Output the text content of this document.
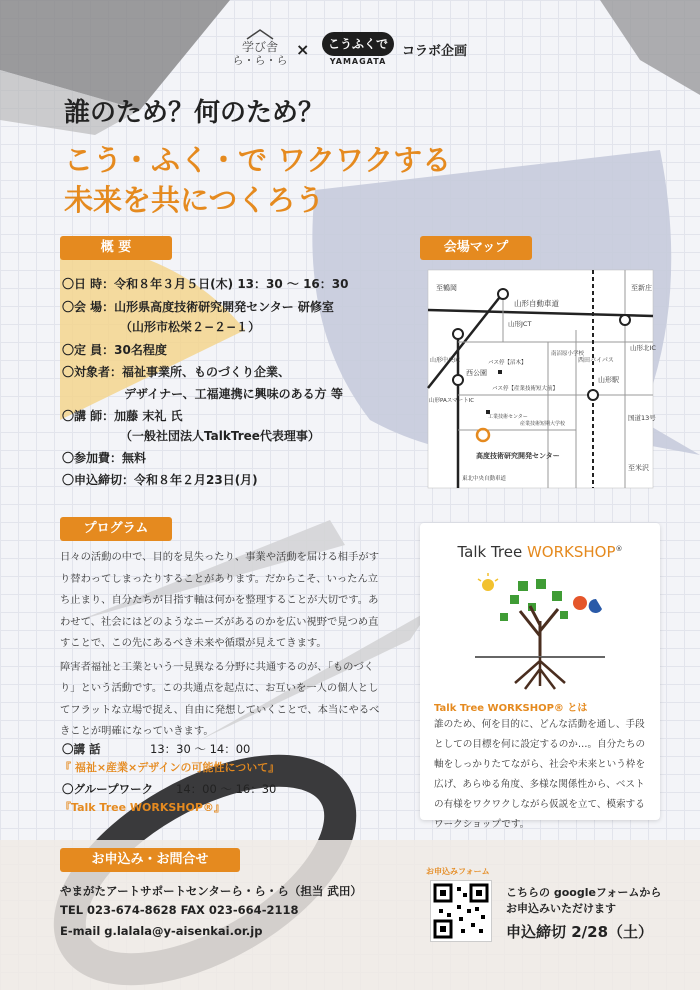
学び舎
ら・ら・ら
×	こうふくで
YAMAGATA
コラボ企画
誰のため？何のため？
こう・ふく・で ワクワクする
未来を共につくろう
概 要
〇日 時：令和８年３月５日(木) 13：30 〜 16：30
〇会 場：山形県高度技術研究開発センター 研修室
（山形市松栄２−２−１）
〇定 員：30名程度
〇対象者：福祉事業所、ものづくり企業、
デザイナー、工福連携に興味のある方 等
〇講 師：加藤 末礼 氏
（一般社団法人TalkTree代表理事）
〇参加費：無料
〇申込締切：令和８年２月23日(月)
会場マップ
至鶴岡
山形自動車道
至新庄
山形JCT
山形北IC
山形中央IC
西公園
南沼原小学校
西田バイパス
山形駅
バス停【沼木】
バス停【産業技術短大前】
工業技術センター
産業技術短期大学校
山形PAスマートIC
東北中央自動車道
高度技術研究開発センター
国道13号
至米沢
プログラム

日々の活動の中で、目的を見失ったり、事業や活動を届ける相手がすり替わってしまったりすることがあります。だからこそ、いったん立ち止まり、自分たちが目指す軸は何かを整理することが大切です。あわせて、社会にはどのようなニーズがあるのかを広い視野で見つめ直すことで、この先にあるべき未来や循環が見えてきます。

障害者福祉と工業という一見異なる分野に共通するのが、「ものづくり」という活動です。この共通点を起点に、お互いを一人の個人としてフラットな立場で捉え、自由に発想していくことで、本当にやるべきことが明確になっていきます。

〇講 話	13：30 〜 14：00
『 福祉×産業×デザインの可能性について』
〇グループワーク 14：00 〜 16：30
『Talk Tree WORKSHOP®』
Talk Tree WORKSHOP®
Talk Tree WORKSHOP® とは
誰のため、何を目的に、どんな活動を通し、手段としての目標を何に設定するのか…。自分たちの軸をしっかりたてながら、社会や未来という枠を広げ、あらゆる角度、多様な関係性から、ベストの有様をワクワクしながら仮説を立て、模索するワークショップです。
お申込み・お問合せ
やまがたアートサポートセンターら・ら・ら（担当 武田）
TEL 023-674-8628 FAX 023-664-2118
E-mail g.lalala@y-aisenkai.or.jp
お申込みフォーム
こちらの googleフォームから
お申込みいただけます
申込締切 2/28（土）
